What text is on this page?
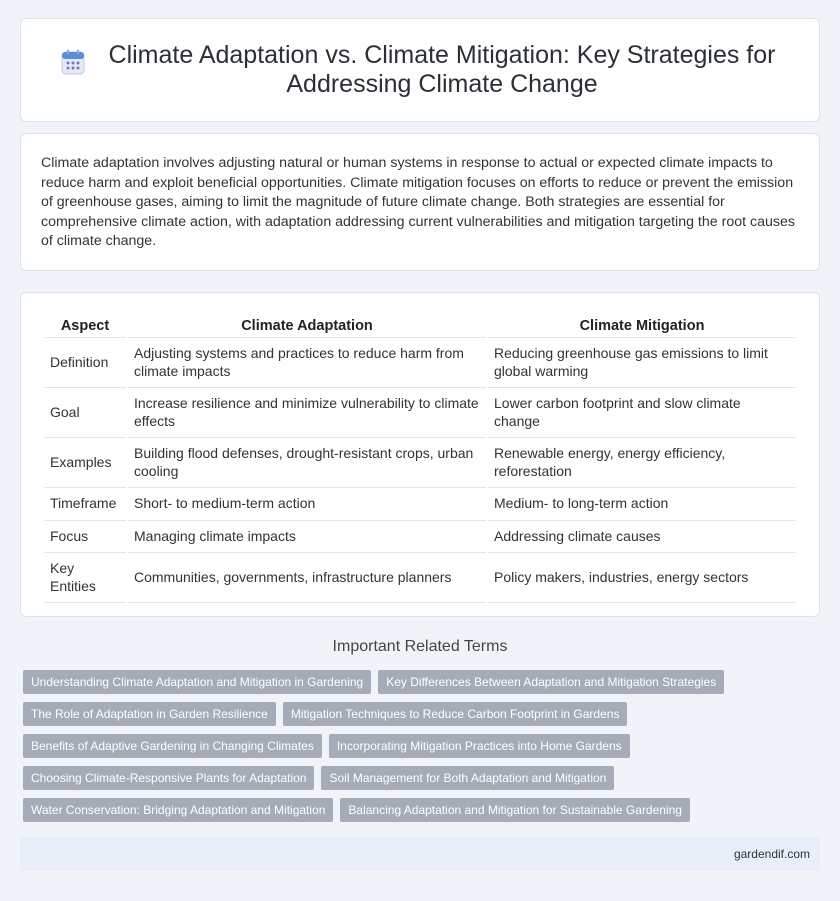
Climate Adaptation vs. Climate Mitigation: Key Strategies for Addressing Climate Change

Climate adaptation involves adjusting natural or human systems in response to actual or expected climate impacts to reduce harm and exploit beneficial opportunities. Climate mitigation focuses on efforts to reduce or prevent the emission of greenhouse gases, aiming to limit the magnitude of future climate change. Both strategies are essential for comprehensive climate action, with adaptation addressing current vulnerabilities and mitigation targeting the root causes of climate change.

Aspect	Climate Adaptation	Climate Mitigation
Definition	Adjusting systems and practices to reduce harm from climate impacts	Reducing greenhouse gas emissions to limit global warming
Goal	Increase resilience and minimize vulnerability to climate effects	Lower carbon footprint and slow climate change
Examples	Building flood defenses, drought-resistant crops, urban cooling	Renewable energy, energy efficiency, reforestation
Timeframe	Short- to medium-term action	Medium- to long-term action
Focus	Managing climate impacts	Addressing climate causes
Key Entities	Communities, governments, infrastructure planners	Policy makers, industries, energy sectors
Important Related Terms
Understanding Climate Adaptation and Mitigation in Gardening	Key Differences Between Adaptation and Mitigation Strategies
The Role of Adaptation in Garden Resilience	Mitigation Techniques to Reduce Carbon Footprint in Gardens
Benefits of Adaptive Gardening in Changing Climates	Incorporating Mitigation Practices into Home Gardens
Choosing Climate-Responsive Plants for Adaptation	Soil Management for Both Adaptation and Mitigation
Water Conservation: Bridging Adaptation and Mitigation	Balancing Adaptation and Mitigation for Sustainable Gardening
gardendif.com
